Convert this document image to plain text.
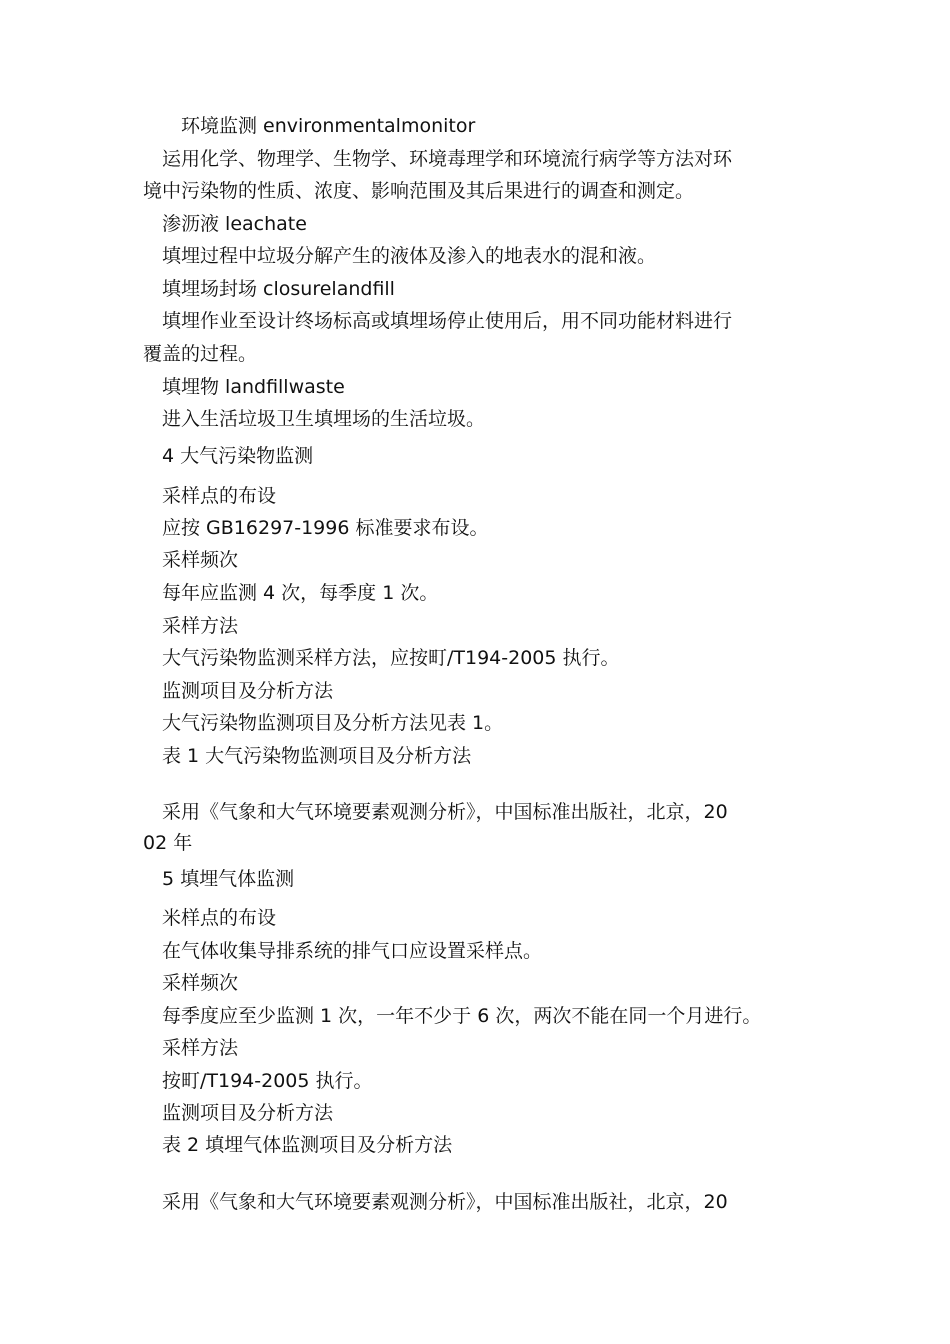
　　环境监测 environmentalmonitor
　运用化学、物理学、生物学、环境毒理学和环境流行病学等方法对环
境中污染物的性质、浓度、影响范围及其后果进行的调查和测定。
　渗沥液 leachate
　填埋过程中垃圾分解产生的液体及渗入的地表水的混和液。
　填埋场封场 closurelandfill
　填埋作业至设计终场标高或填埋场停止使用后，用不同功能材料进行
覆盖的过程。
　填埋物 landfillwaste
　进入生活垃圾卫生填埋场的生活垃圾。
　4 大气污染物监测
　采样点的布设
　应按 GB16297-1996 标准要求布设。
　采样频次
　每年应监测 4 次，每季度 1 次。
　采样方法
　大气污染物监测采样方法，应按町/T194-2005 执行。
　监测项目及分析方法
　大气污染物监测项目及分析方法见表 1。
　表 1 大气污染物监测项目及分析方法
　采用《气象和大气环境要素观测分析》，中国标准出版社，北京，20
02 年
　5 填埋气体监测
　米样点的布设
　在气体收集导排系统的排气口应设置采样点。
　采样频次
　每季度应至少监测 1 次，一年不少于 6 次，两次不能在同一个月进行。
　采样方法
　按町/T194-2005 执行。
　监测项目及分析方法
　表 2 填埋气体监测项目及分析方法
　采用《气象和大气环境要素观测分析》，中国标准出版社，北京，20
